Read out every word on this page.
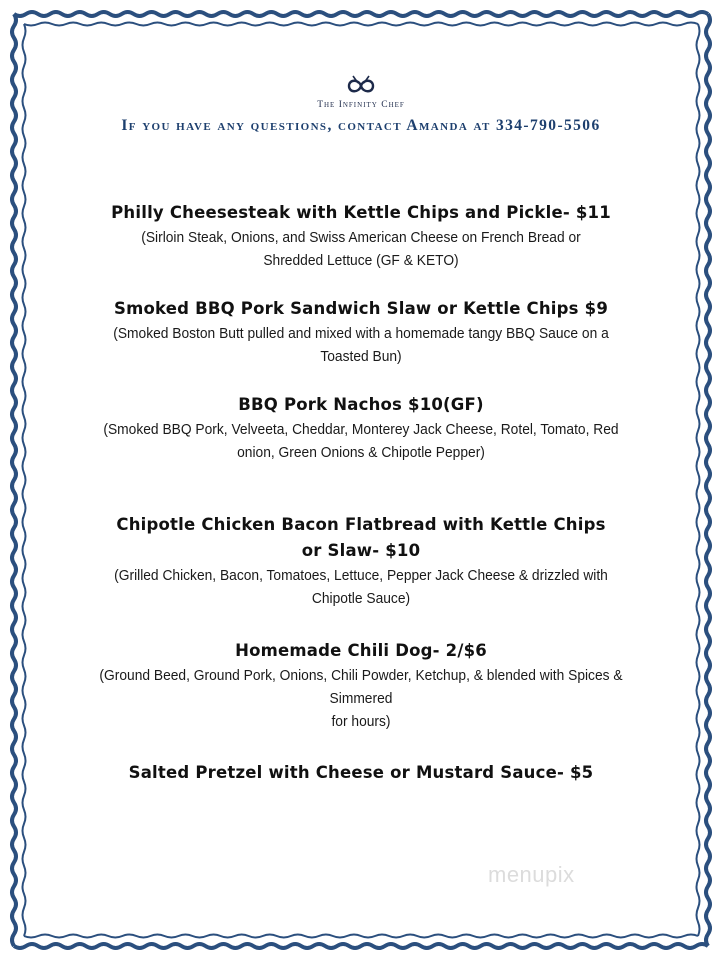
The Infinity Chef
If you have any questions, contact Amanda at 334-790-5506
Philly Cheesesteak with Kettle Chips and Pickle- $11
(Sirloin Steak, Onions, and Swiss American Cheese on French Bread or
Shredded Lettuce (GF & KETO)
Smoked BBQ Pork Sandwich Slaw or Kettle Chips $9
(Smoked Boston Butt pulled and mixed with a homemade tangy BBQ Sauce on a
Toasted Bun)
BBQ Pork Nachos $10(GF)
(Smoked BBQ Pork, Velveeta, Cheddar, Monterey Jack Cheese, Rotel, Tomato, Red
onion, Green Onions & Chipotle Pepper)
Chipotle Chicken Bacon Flatbread with Kettle Chips
or Slaw- $10
(Grilled Chicken, Bacon, Tomatoes, Lettuce, Pepper Jack Cheese & drizzled with
Chipotle Sauce)
Homemade Chili Dog- 2/$6
(Ground Beed, Ground Pork, Onions, Chili Powder, Ketchup, & blended with Spices &
Simmered
for hours)
Salted Pretzel with Cheese or Mustard Sauce- $5
menupix
